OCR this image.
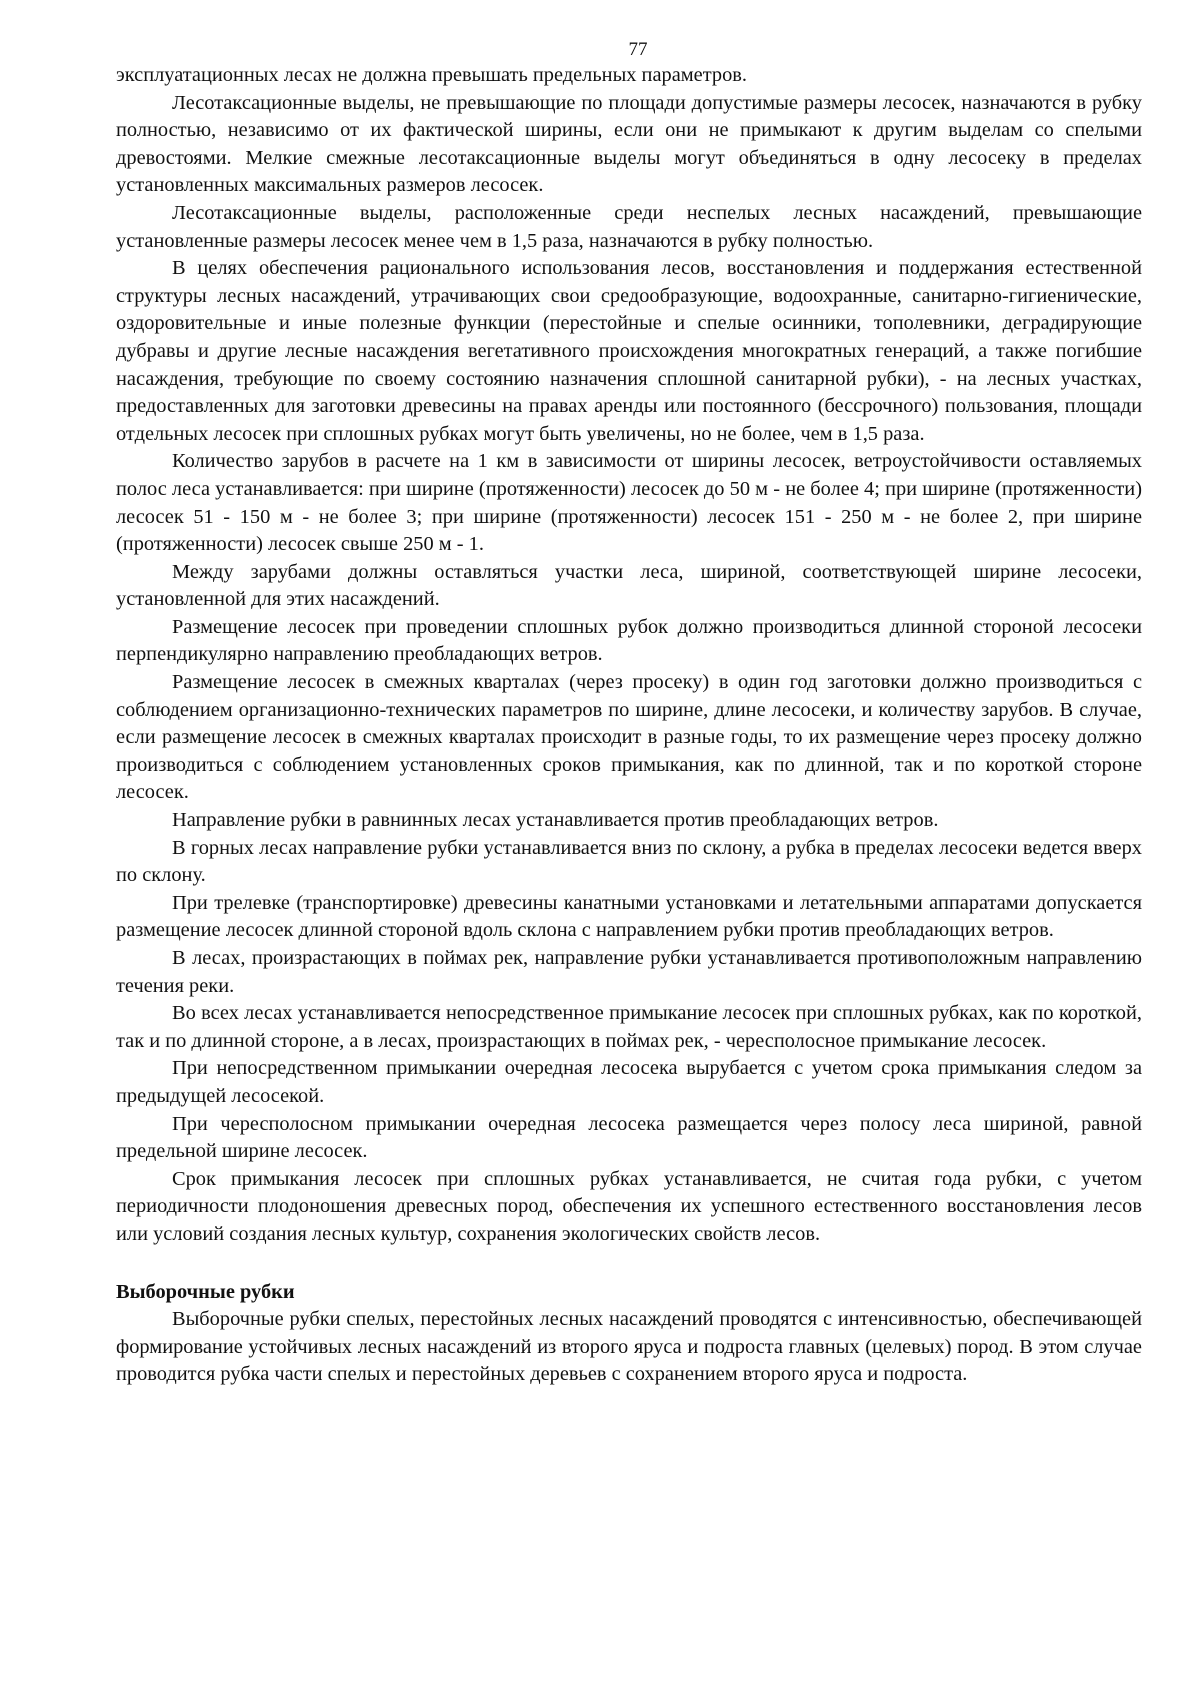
77

эксплуатационных лесах не должна превышать предельных параметров.

Лесотаксационные выделы, не превышающие по площади допустимые размеры лесосек, назначаются в рубку полностью, независимо от их фактической ширины, если они не примыкают к другим выделам со спелыми древостоями. Мелкие смежные лесотаксационные выделы могут объединяться в одну лесосеку в пределах установленных максимальных размеров лесосек.

Лесотаксационные выделы, расположенные среди неспелых лесных насаждений, превышающие установленные размеры лесосек менее чем в 1,5 раза, назначаются в рубку полностью.

В целях обеспечения рационального использования лесов, восстановления и поддержания естественной структуры лесных насаждений, утрачивающих свои средообразующие, водоохранные, санитарно-гигиенические, оздоровительные и иные полезные функции (перестойные и спелые осинники, тополевники, деградирующие дубравы и другие лесные насаждения вегетативного происхождения многократных генераций, а также погибшие насаждения, требующие по своему состоянию назначения сплошной санитарной рубки), - на лесных участках, предоставленных для заготовки древесины на правах аренды или постоянного (бессрочного) пользования, площади отдельных лесосек при сплошных рубках могут быть увеличены, но не более, чем в 1,5 раза.

Количество зарубов в расчете на 1 км в зависимости от ширины лесосек, ветроустойчивости оставляемых полос леса устанавливается: при ширине (протяженности) лесосек до 50 м - не более 4; при ширине (протяженности) лесосек 51 - 150 м - не более 3; при ширине (протяженности) лесосек 151 - 250 м - не более 2, при ширине (протяженности) лесосек свыше 250 м - 1.

Между зарубами должны оставляться участки леса, шириной, соответствующей ширине лесосеки, установленной для этих насаждений.

Размещение лесосек при проведении сплошных рубок должно производиться длинной стороной лесосеки перпендикулярно направлению преобладающих ветров.

Размещение лесосек в смежных кварталах (через просеку) в один год заготовки должно производиться с соблюдением организационно-технических параметров по ширине, длине лесосеки, и количеству зарубов. В случае, если размещение лесосек в смежных кварталах происходит в разные годы, то их размещение через просеку должно производиться с соблюдением установленных сроков примыкания, как по длинной, так и по короткой стороне лесосек.

Направление рубки в равнинных лесах устанавливается против преобладающих ветров.

В горных лесах направление рубки устанавливается вниз по склону, а рубка в пределах лесосеки ведется вверх по склону.

При трелевке (транспортировке) древесины канатными установками и летательными аппаратами допускается размещение лесосек длинной стороной вдоль склона с направлением рубки против преобладающих ветров.

В лесах, произрастающих в поймах рек, направление рубки устанавливается противоположным направлению течения реки.

Во всех лесах устанавливается непосредственное примыкание лесосек при сплошных рубках, как по короткой, так и по длинной стороне, а в лесах, произрастающих в поймах рек, - чересполосное примыкание лесосек.

При непосредственном примыкании очередная лесосека вырубается с учетом срока примыкания следом за предыдущей лесосекой.

При чересполосном примыкании очередная лесосека размещается через полосу леса шириной, равной предельной ширине лесосек.

Срок примыкания лесосек при сплошных рубках устанавливается, не считая года рубки, с учетом периодичности плодоношения древесных пород, обеспечения их успешного естественного восстановления лесов или условий создания лесных культур, сохранения экологических свойств лесов.

Выборочные рубки

Выборочные рубки спелых, перестойных лесных насаждений проводятся с интенсивностью, обеспечивающей формирование устойчивых лесных насаждений из второго яруса и подроста главных (целевых) пород. В этом случае проводится рубка части спелых и перестойных деревьев с сохранением второго яруса и подроста.
